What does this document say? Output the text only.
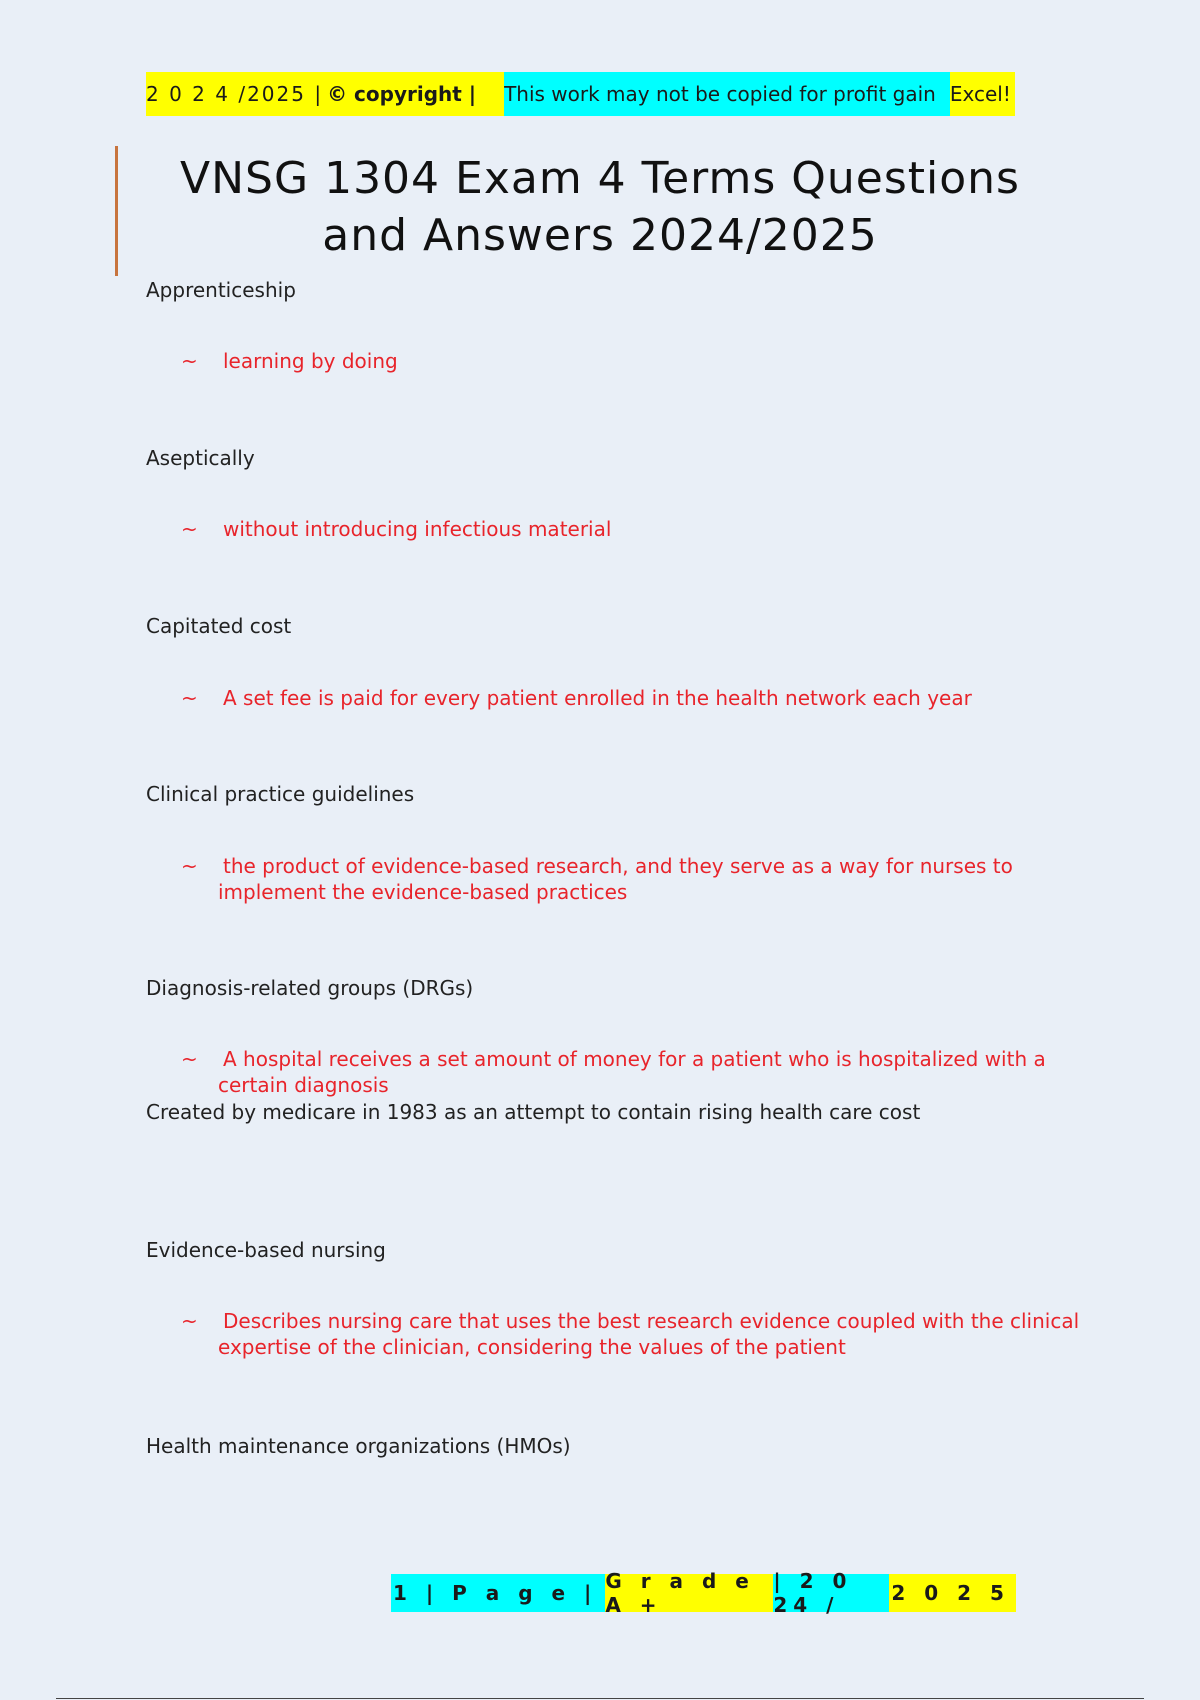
2 0 2 4 /2025 | © copyright |	This work may not be copied for profit gain Excel!
VNSG 1304 Exam 4 Terms Questions
and Answers 2024/2025
Apprenticeship
~ learning by doing
Aseptically
~ without introducing infectious material
Capitated cost
~ A set fee is paid for every patient enrolled in the health network each year
Clinical practice guidelines
~ the product of evidence-based research, and they serve as a way for nurses to
implement the evidence-based practices
Diagnosis-related groups (DRGs)
~ A hospital receives a set amount of money for a patient who is hospitalized with a
certain diagnosis
Created by medicare in 1983 as an attempt to contain rising health care cost
Evidence-based nursing
~ Describes nursing care that uses the best research evidence coupled with the clinical
expertise of the clinician, considering the values of the patient
Health maintenance organizations (HMOs)
1 | P a g e | G r a d e A +
| 2 0 24 /	2 0 2 5
